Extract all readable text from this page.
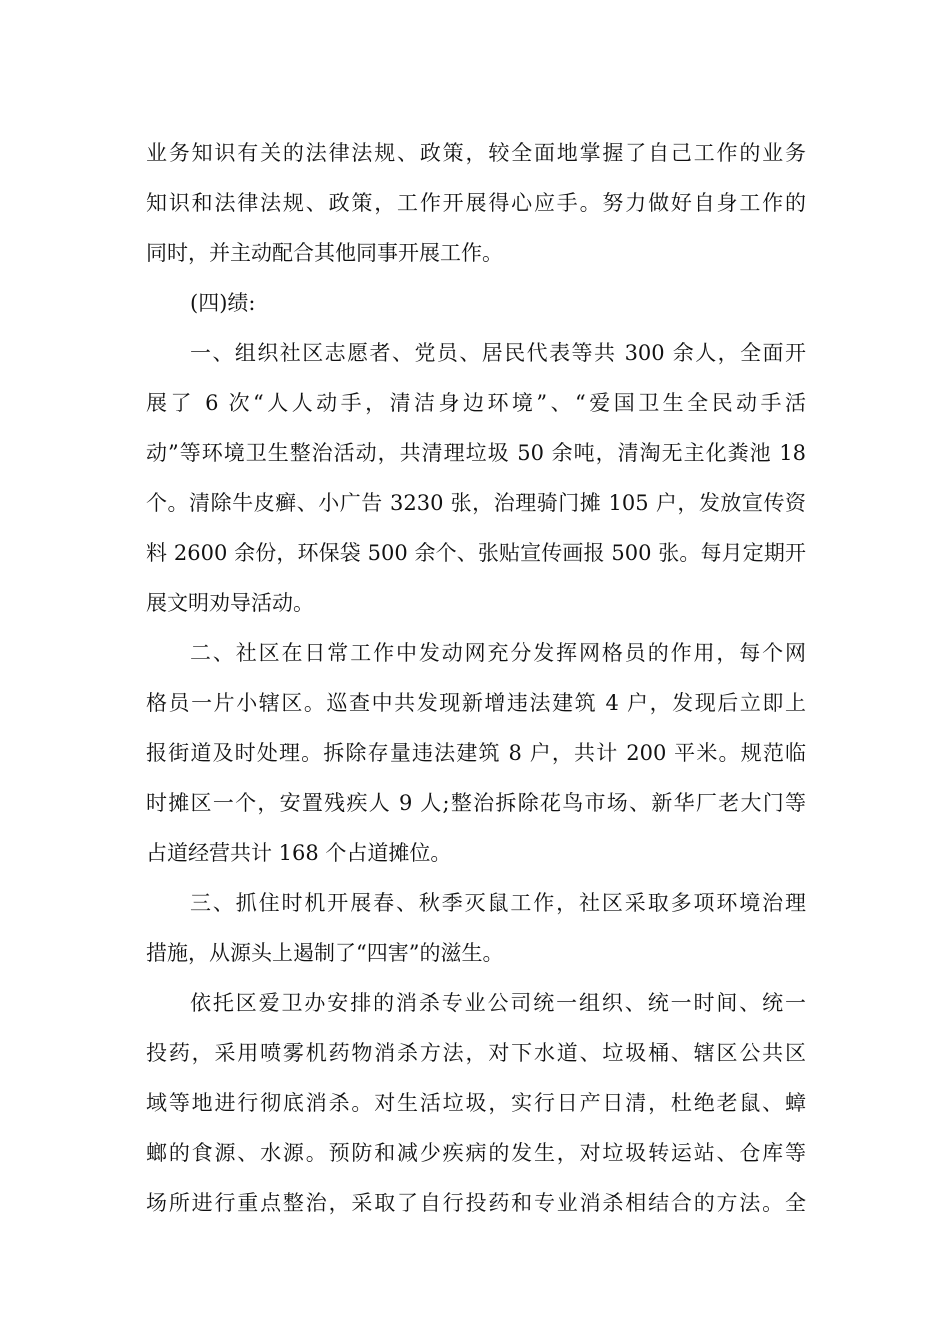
业务知识有关的法律法规、政策，较全面地掌握了自己工作的业务
知识和法律法规、政策，工作开展得心应手。努力做好自身工作的
同时，并主动配合其他同事开展工作。
(四)绩:
一、组织社区志愿者、党员、居民代表等共 300 余人，全面开
展了 6 次“人人动手，清洁身边环境”、“爱国卫生全民动手活
动”等环境卫生整治活动，共清理垃圾 50 余吨，清淘无主化粪池 18
个。清除牛皮癣、小广告 3230 张，治理骑门摊 105 户，发放宣传资
料 2600 余份，环保袋 500 余个、张贴宣传画报 500 张。每月定期开
展文明劝导活动。
二、社区在日常工作中发动网充分发挥网格员的作用，每个网
格员一片小辖区。巡查中共发现新增违法建筑 4 户，发现后立即上
报街道及时处理。拆除存量违法建筑 8 户，共计 200 平米。规范临
时摊区一个，安置残疾人 9 人;整治拆除花鸟市场、新华厂老大门等
占道经营共计 168 个占道摊位。
三、抓住时机开展春、秋季灭鼠工作，社区采取多项环境治理
措施，从源头上遏制了“四害”的滋生。
依托区爱卫办安排的消杀专业公司统一组织、统一时间、统一
投药，采用喷雾机药物消杀方法，对下水道、垃圾桶、辖区公共区
域等地进行彻底消杀。对生活垃圾，实行日产日清，杜绝老鼠、蟑
螂的食源、水源。预防和减少疾病的发生，对垃圾转运站、仓库等
场所进行重点整治，采取了自行投药和专业消杀相结合的方法。全
